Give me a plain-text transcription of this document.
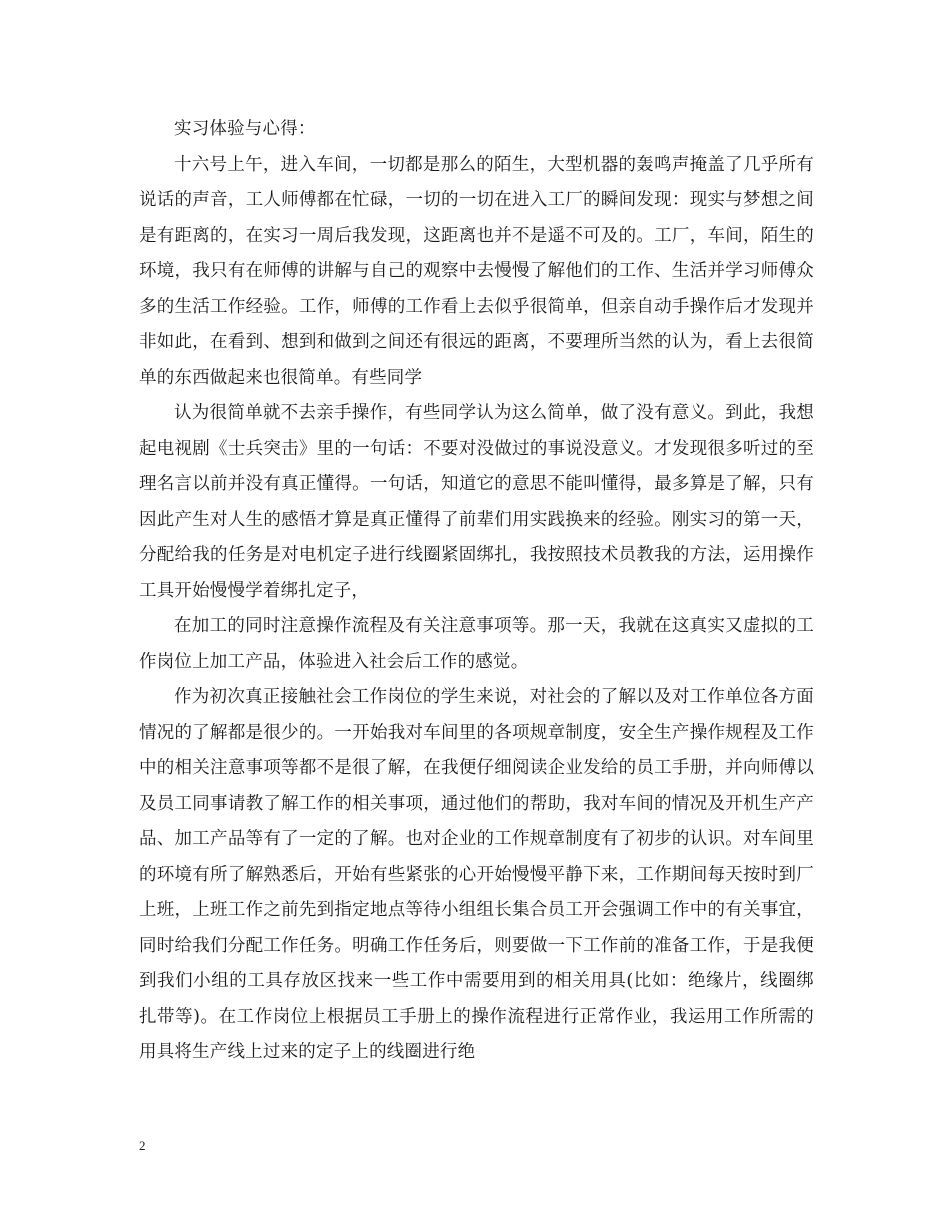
实习体验与心得：

十六号上午，进入车间，一切都是那么的陌生，大型机器的轰鸣声掩盖了几乎所有说话的声音，工人师傅都在忙碌，一切的一切在进入工厂的瞬间发现：现实与梦想之间是有距离的，在实习一周后我发现，这距离也并不是遥不可及的。工厂，车间，陌生的环境，我只有在师傅的讲解与自己的观察中去慢慢了解他们的工作、生活并学习师傅众多的生活工作经验。工作，师傅的工作看上去似乎很简单，但亲自动手操作后才发现并非如此，在看到、想到和做到之间还有很远的距离，不要理所当然的认为，看上去很简单的东西做起来也很简单。有些同学

认为很简单就不去亲手操作，有些同学认为这么简单，做了没有意义。到此，我想起电视剧《士兵突击》里的一句话：不要对没做过的事说没意义。才发现很多听过的至理名言以前并没有真正懂得。一句话，知道它的意思不能叫懂得，最多算是了解，只有因此产生对人生的感悟才算是真正懂得了前辈们用实践换来的经验。刚实习的第一天，分配给我的任务是对电机定子进行线圈紧固绑扎，我按照技术员教我的方法，运用操作工具开始慢慢学着绑扎定子，

在加工的同时注意操作流程及有关注意事项等。那一天，我就在这真实又虚拟的工作岗位上加工产品，体验进入社会后工作的感觉。

作为初次真正接触社会工作岗位的学生来说，对社会的了解以及对工作单位各方面情况的了解都是很少的。一开始我对车间里的各项规章制度，安全生产操作规程及工作中的相关注意事项等都不是很了解，在我便仔细阅读企业发给的员工手册，并向师傅以及员工同事请教了解工作的相关事项，通过他们的帮助，我对车间的情况及开机生产产品、加工产品等有了一定的了解。也对企业的工作规章制度有了初步的认识。对车间里的环境有所了解熟悉后，开始有些紧张的心开始慢慢平静下来，工作期间每天按时到厂上班，上班工作之前先到指定地点等待小组组长集合员工开会强调工作中的有关事宜，同时给我们分配工作任务。明确工作任务后，则要做一下工作前的准备工作，于是我便到我们小组的工具存放区找来一些工作中需要用到的相关用具(比如：绝缘片，线圈绑扎带等)。在工作岗位上根据员工手册上的操作流程进行正常作业，我运用工作所需的用具将生产线上过来的定子上的线圈进行绝

2
